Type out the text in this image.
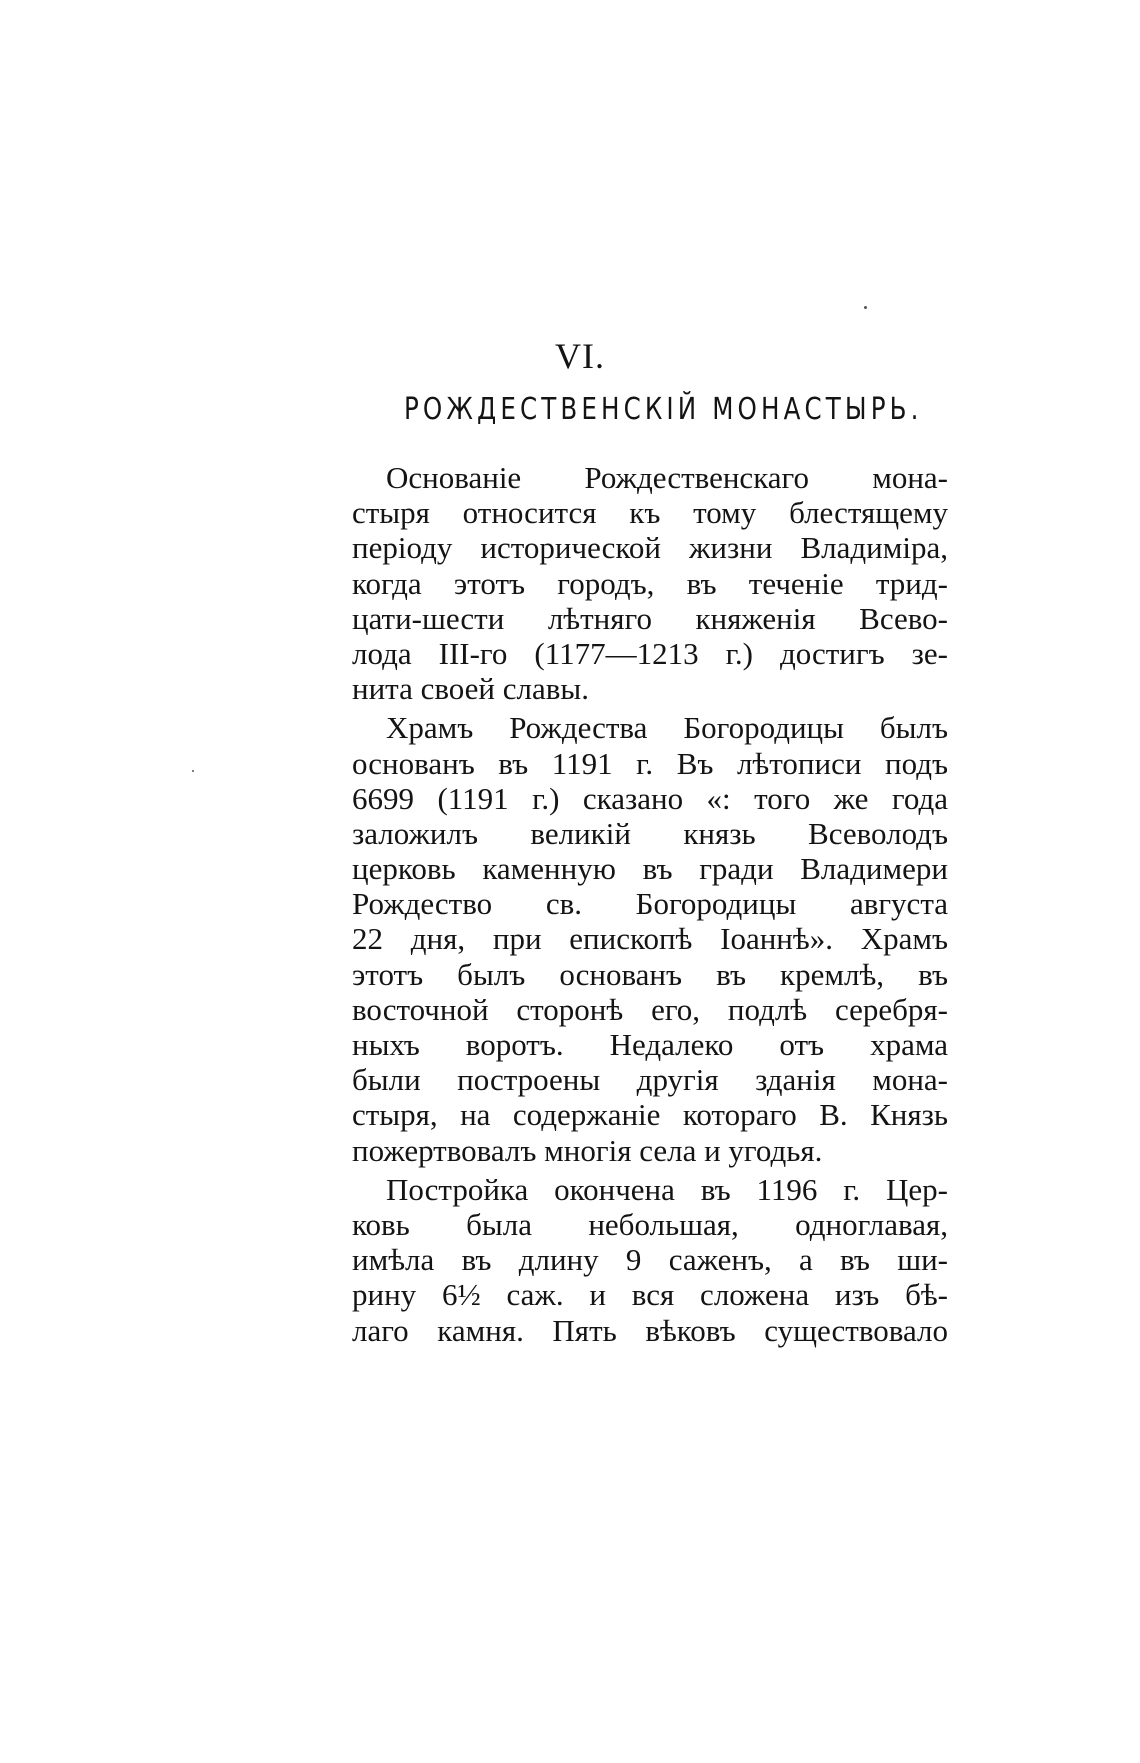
VI.
РОЖДЕСТВЕНСКІЙ МОНАСТЫРЬ.
Основаніе Рождественскаго мона-
стыря относится къ тому блестящему
періоду исторической жизни Владиміра,
когда этотъ городъ, въ теченіе трид-
цати-шести лѣтняго княженія Всево-
лода III-го (1177—1213 г.) достигъ зе-
нита своей славы.
Храмъ Рождества Богородицы былъ
основанъ въ 1191 г. Въ лѣтописи подъ
6699 (1191 г.) сказано «: того же года
заложилъ великій князь Всеволодъ
церковь каменную въ гради Владимери
Рождество св. Богородицы августа
22 дня, при епископѣ Іоаннѣ». Храмъ
этотъ былъ основанъ въ кремлѣ, въ
восточной сторонѣ его, подлѣ серебря-
ныхъ воротъ. Недалеко отъ храма
были построены другія зданія мона-
стыря, на содержаніе котораго В. Князь
пожертвовалъ многія села и угодья.
Постройка окончена въ 1196 г. Цер-
ковь была небольшая, одноглавая,
имѣла въ длину 9 саженъ, а въ ши-
рину 6½ саж. и вся сложена изъ бѣ-
лаго камня. Пять вѣковъ существовало
